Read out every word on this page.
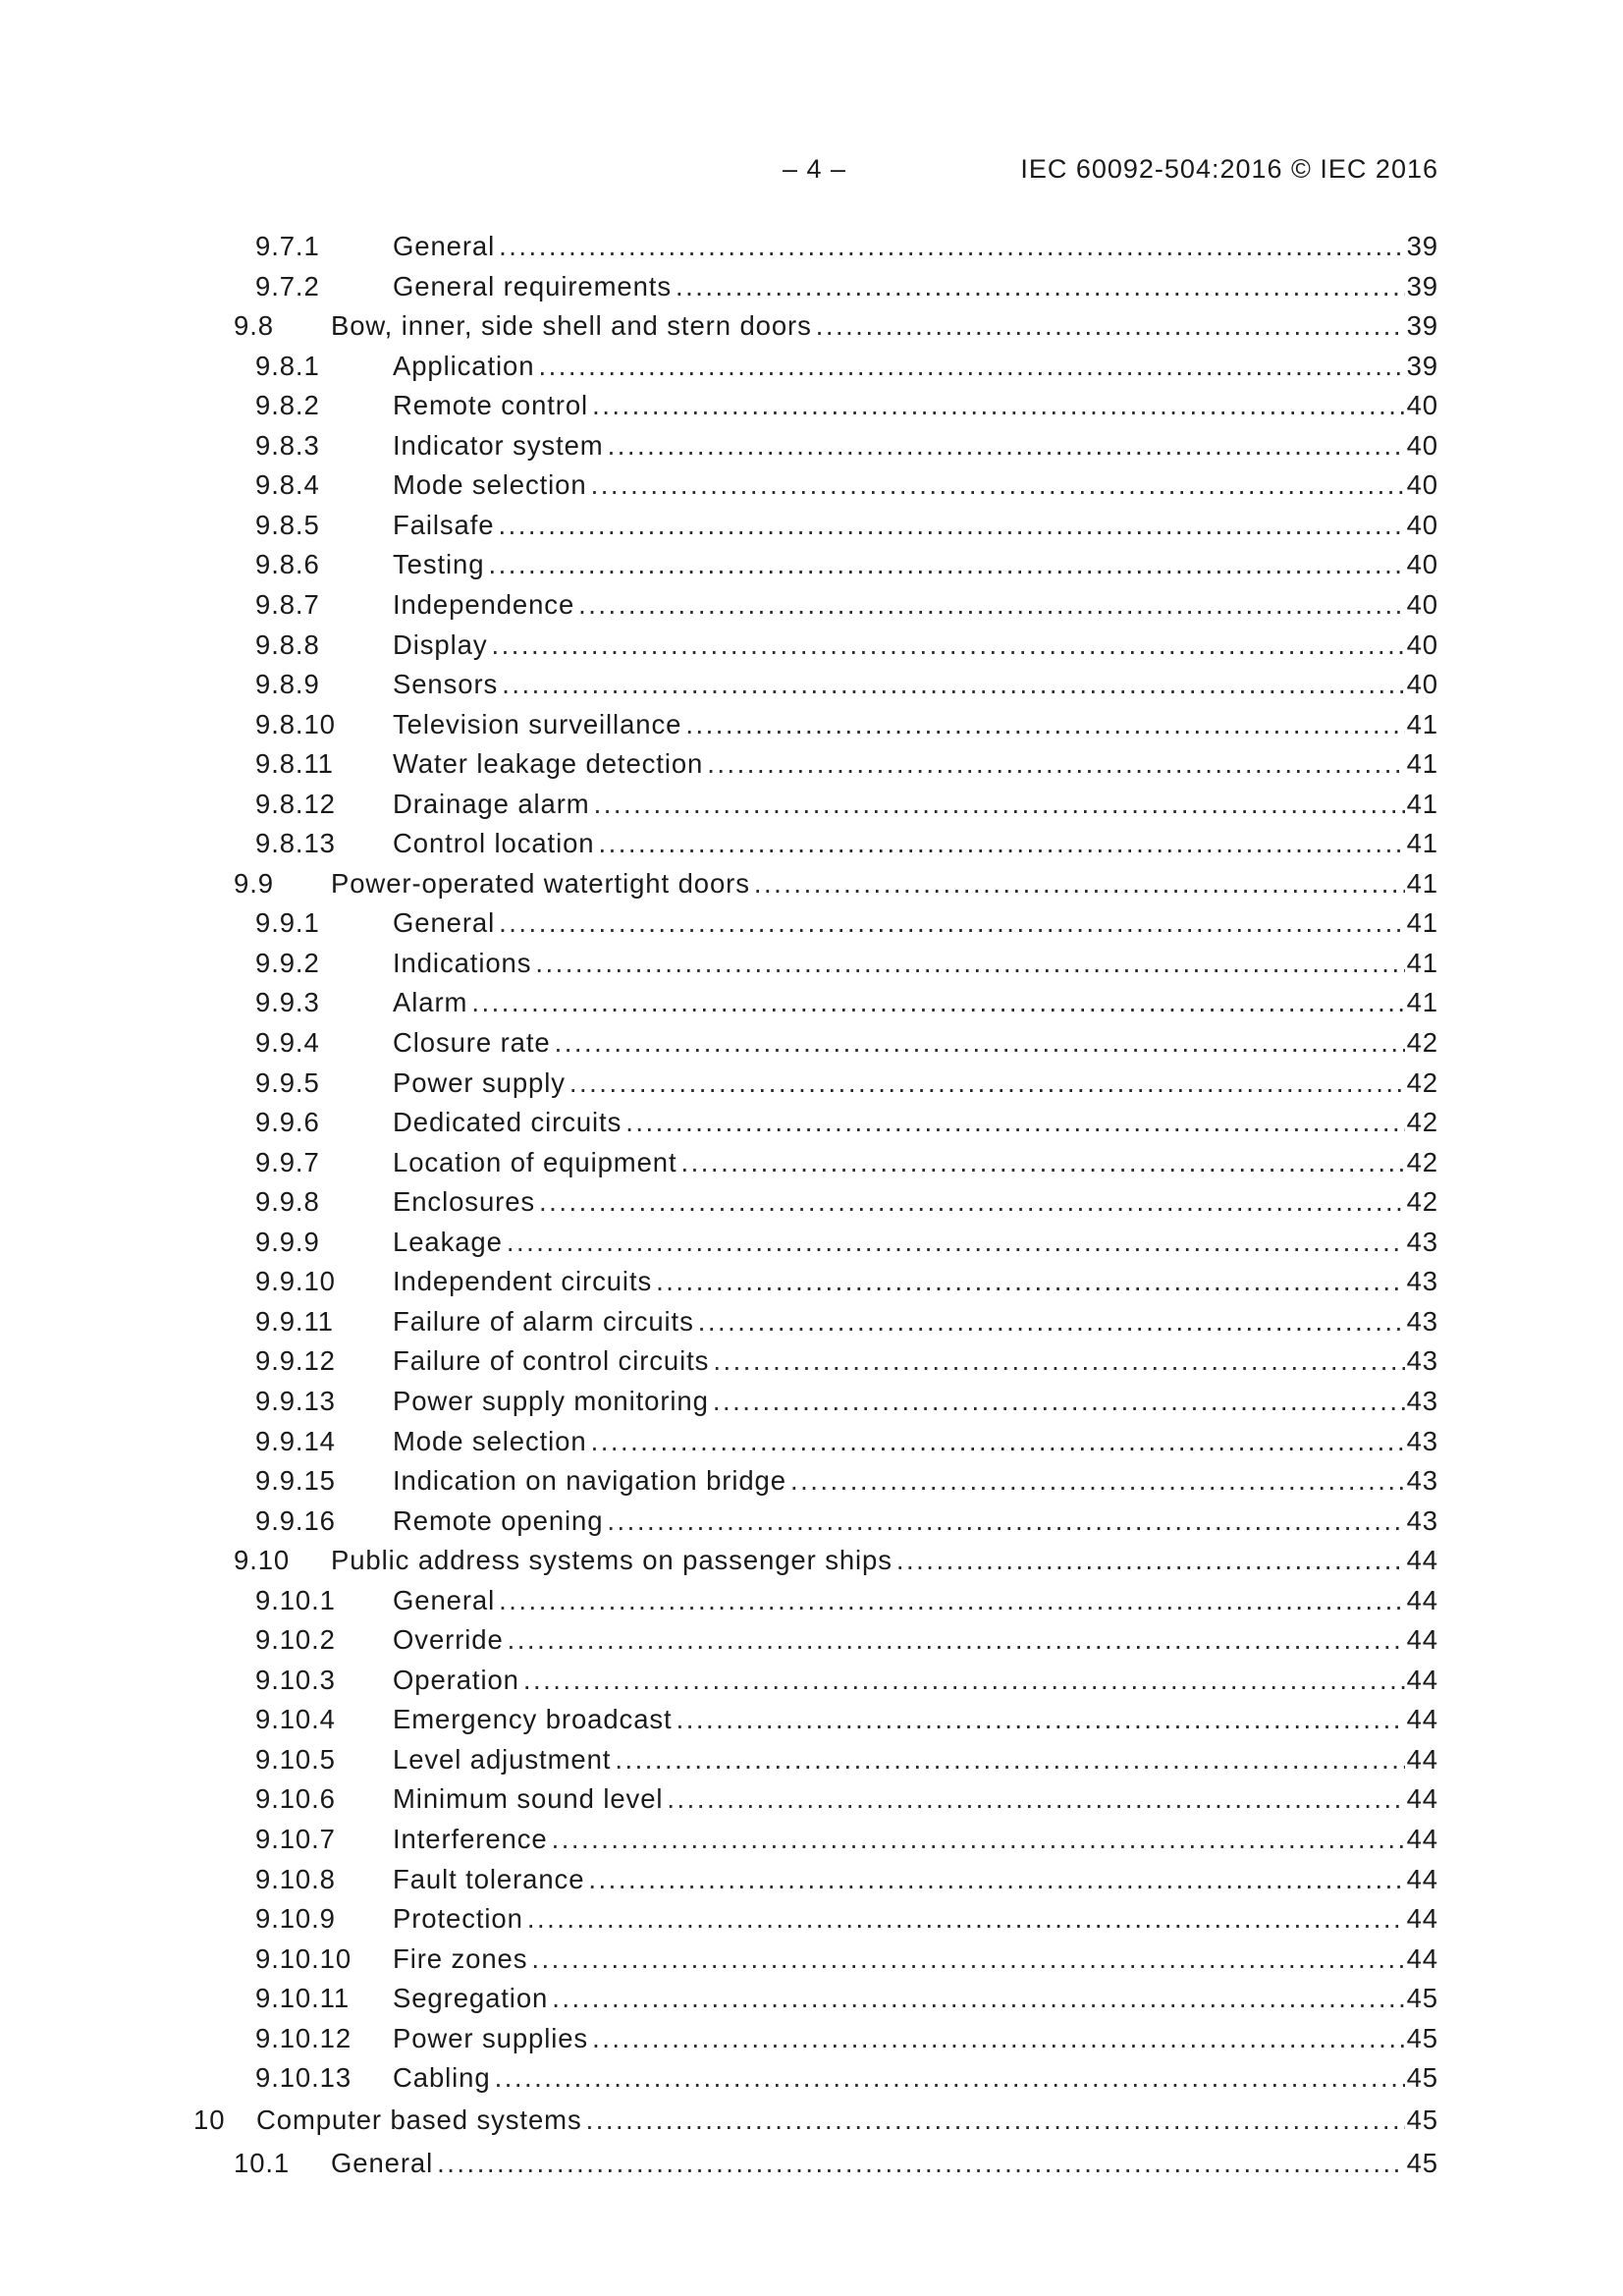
– 4 –	IEC 60092-504:2016 © IEC 2016
9.7.1	General .....	39
9.7.2	General requirements .....	39
9.8 Bow, inner, side shell and stern doors .....	39
9.8.1	Application .....	39
9.8.2	Remote control .....	40
9.8.3	Indicator system .....	40
9.8.4	Mode selection .....	40
9.8.5	Failsafe .....	40
9.8.6	Testing .....	40
9.8.7	Independence .....	40
9.8.8	Display .....	40
9.8.9	Sensors .....	40
9.8.10 Television surveillance .....	41
9.8.11 Water leakage detection .....	41
9.8.12 Drainage alarm .....	41
9.8.13 Control location .....	41
9.9 Power-operated watertight doors .....	41
9.9.1	General .....	41
9.9.2	Indications .....	41
9.9.3	Alarm .....	41
9.9.4	Closure rate .....	42
9.9.5	Power supply .....	42
9.9.6	Dedicated circuits .....	42
9.9.7	Location of equipment .....	42
9.9.8	Enclosures .....	42
9.9.9	Leakage .....	43
9.9.10 Independent circuits .....	43
9.9.11 Failure of alarm circuits .....	43
9.9.12 Failure of control circuits .....	43
9.9.13 Power supply monitoring .....	43
9.9.14 Mode selection .....	43
9.9.15 Indication on navigation bridge .....	43
9.9.16 Remote opening .....	43
9.10 Public address systems on passenger ships .....	44
9.10.1 General .....	44
9.10.2 Override .....	44
9.10.3 Operation .....	44
9.10.4 Emergency broadcast .....	44
9.10.5 Level adjustment .....	44
9.10.6 Minimum sound level .....	44
9.10.7 Interference .....	44
9.10.8 Fault tolerance .....	44
9.10.9 Protection .....	44
9.10.10 Fire zones .....	44
9.10.11 Segregation .....	45
9.10.12 Power supplies .....	45
9.10.13 Cabling .....	45
10 Computer based systems .....	45
10.1 General .....	45
